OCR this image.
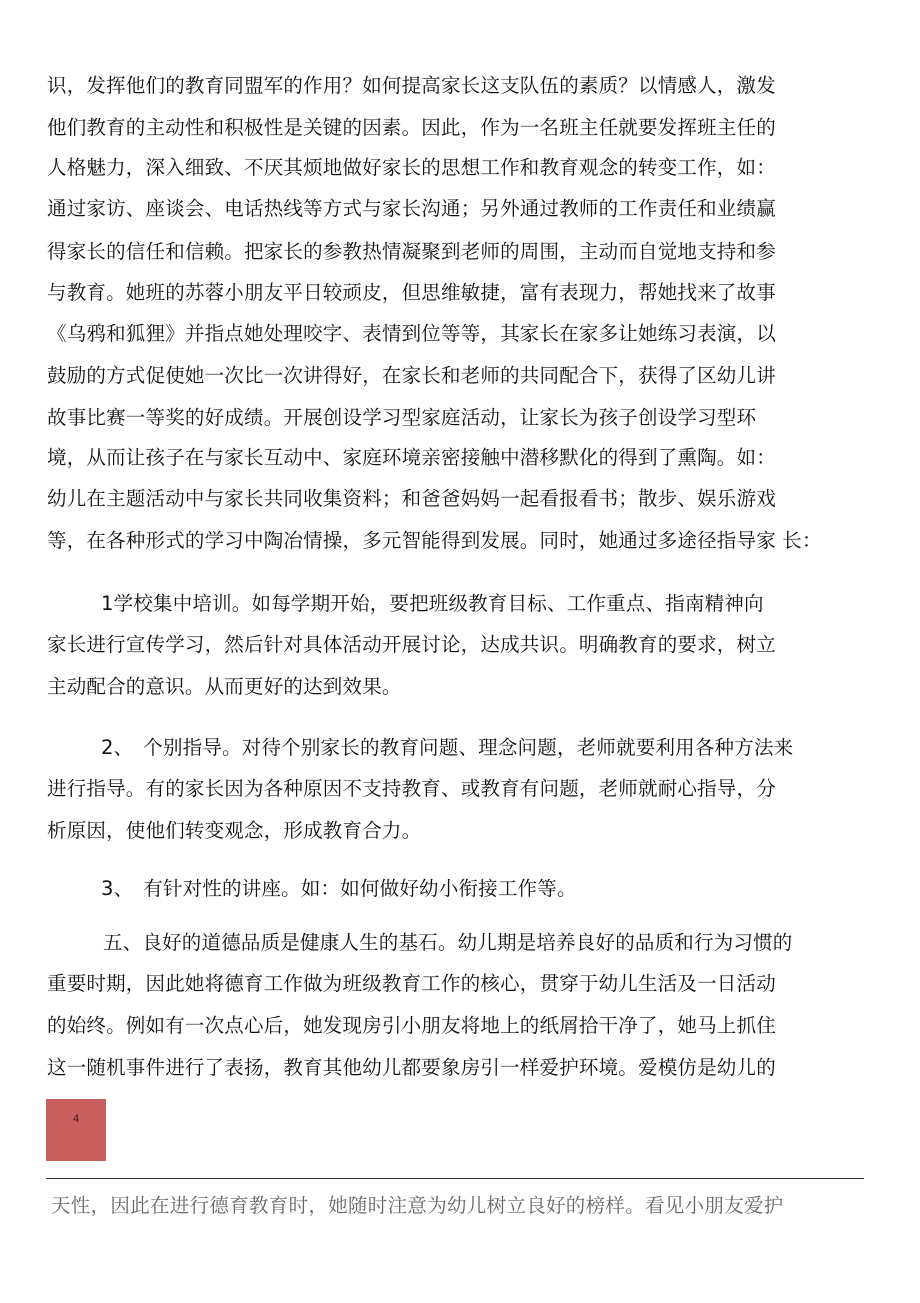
识，发挥他们的教育同盟军的作用？如何提高家长这支队伍的素质？以情感人，激发
他们教育的主动性和积极性是关键的因素。因此，作为一名班主任就要发挥班主任的
人格魅力，深入细致、不厌其烦地做好家长的思想工作和教育观念的转变工作，如：
通过家访、座谈会、电话热线等方式与家长沟通；另外通过教师的工作责任和业绩赢
得家长的信任和信赖。把家长的参教热情凝聚到老师的周围，主动而自觉地支持和参
与教育。她班的苏蓉小朋友平日较顽皮，但思维敏捷，富有表现力，帮她找来了故事
《乌鸦和狐狸》并指点她处理咬字、表情到位等等，其家长在家多让她练习表演，以
鼓励的方式促使她一次比一次讲得好，在家长和老师的共同配合下，获得了区幼儿讲
故事比赛一等奖的好成绩。开展创设学习型家庭活动，让家长为孩子创设学习型环
境，从而让孩子在与家长互动中、家庭环境亲密接触中潜移默化的得到了熏陶。如：
幼儿在主题活动中与家长共同收集资料；和爸爸妈妈一起看报看书；散步、娱乐游戏
等，在各种形式的学习中陶冶情操，多元智能得到发展。同时，她通过多途径指导家 长：
1学校集中培训。如每学期开始，要把班级教育目标、工作重点、指南精神向
家长进行宣传学习，然后针对具体活动开展讨论，达成共识。明确教育的要求，树立
主动配合的意识。从而更好的达到效果。
2、　个别指导。对待个别家长的教育问题、理念问题，老师就要利用各种方法来
进行指导。有的家长因为各种原因不支持教育、或教育有问题，老师就耐心指导，分
析原因，使他们转变观念，形成教育合力。
3、　有针对性的讲座。如：如何做好幼小衔接工作等。
五、良好的道德品质是健康人生的基石。幼儿期是培养良好的品质和行为习惯的
重要时期，因此她将德育工作做为班级教育工作的核心，贯穿于幼儿生活及一日活动
的始终。例如有一次点心后，她发现房引小朋友将地上的纸屑拾干净了，她马上抓住
这一随机事件进行了表扬，教育其他幼儿都要象房引一样爱护环境。爱模仿是幼儿的
4
天性，因此在进行德育教育时，她随时注意为幼儿树立良好的榜样。看见小朋友爱护
